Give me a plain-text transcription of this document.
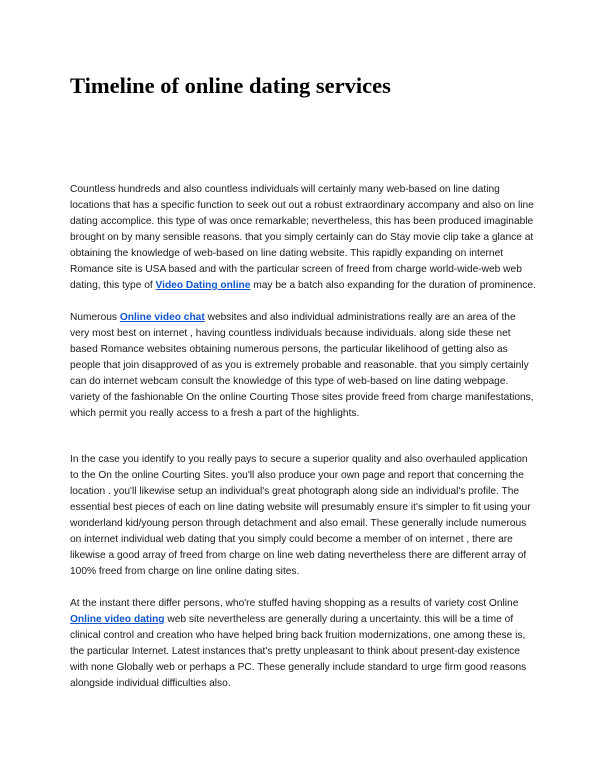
Timeline of online dating services

Countless hundreds and also countless individuals will certainly many web-based on line dating locations that has a specific function to seek out out a robust extraordinary accompany and also on line dating accomplice. this type of was once remarkable; nevertheless, this has been produced imaginable brought on by many sensible reasons. that you simply certainly can do Stay movie clip take a glance at obtaining the knowledge of web-based on line dating website. This rapidly expanding on internet Romance site is USA based and with the particular screen of freed from charge world-wide-web web dating, this type of Video Dating online may be a batch also expanding for the duration of prominence.

Numerous Online video chat websites and also individual administrations really are an area of the very most best on internet , having countless individuals because individuals. along side these net based Romance websites obtaining numerous persons, the particular likelihood of getting also as people that join disapproved of as you is extremely probable and reasonable. that you simply certainly can do internet webcam consult the knowledge of this type of web-based on line dating webpage. variety of the fashionable On the online Courting Those sites provide freed from charge manifestations, which permit you really access to a fresh a part of the highlights.

In the case you identify to you really pays to secure a superior quality and also overhauled application to the On the online Courting Sites. you'll also produce your own page and report that concerning the location . you'll likewise setup an individual's great photograph along side an individual's profile. The essential best pieces of each on line dating website will presumably ensure it's simpler to fit using your wonderland kid/young person through detachment and also email. These generally include numerous on internet individual web dating that you simply could become a member of on internet , there are likewise a good array of freed from charge on line web dating nevertheless there are different array of 100% freed from charge on line online dating sites.

At the instant there differ persons, who're stuffed having shopping as a results of variety cost Online Online video dating web site nevertheless are generally during a uncertainty. this will be a time of clinical control and creation who have helped bring back fruition modernizations, one among these is, the particular Internet. Latest instances that's pretty unpleasant to think about present-day existence with none Globally web or perhaps a PC. These generally include standard to urge firm good reasons alongside individual difficulties also.
